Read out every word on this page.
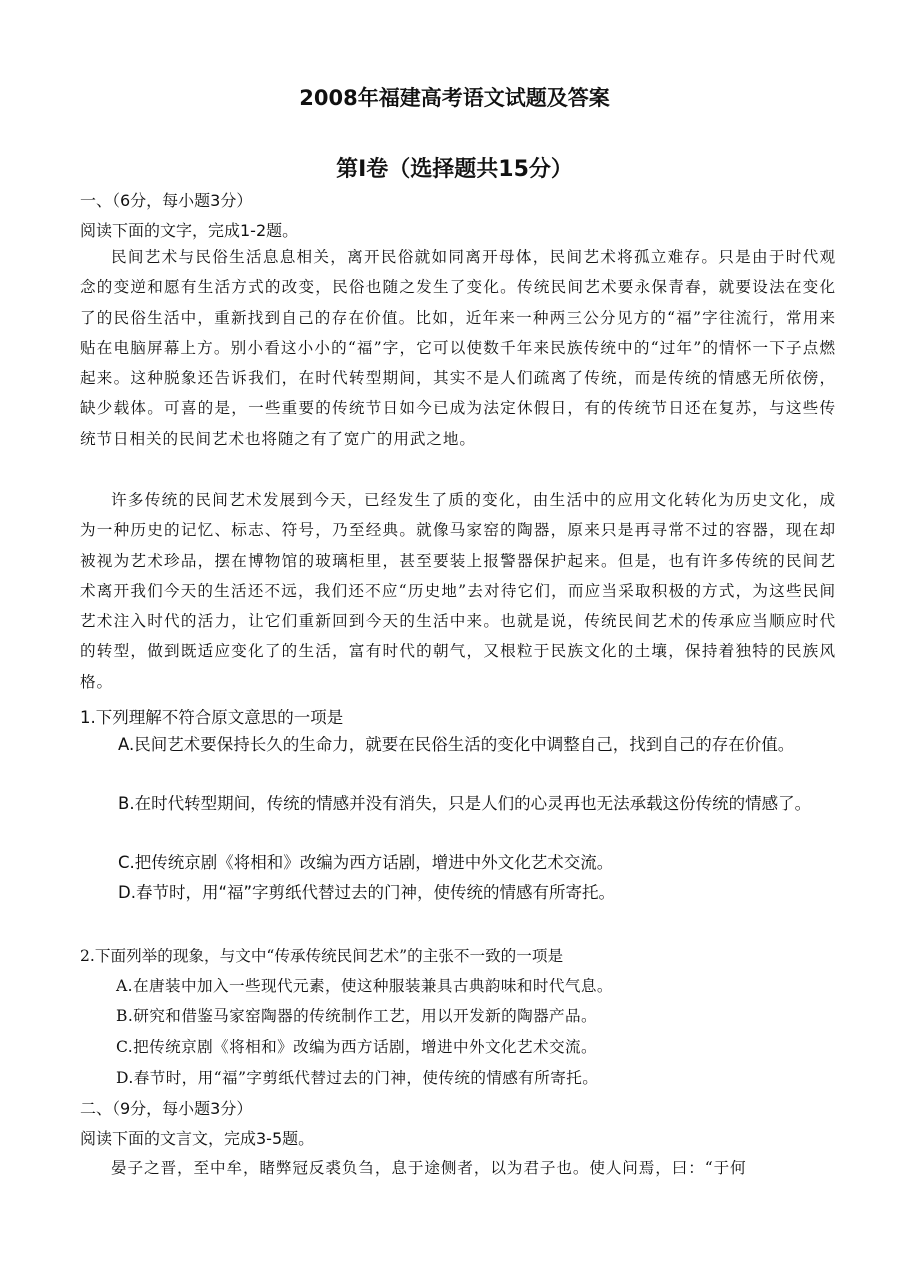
2008年福建高考语文试题及答案
第Ⅰ卷（选择题共15分）
一、（6分，每小题3分）
阅读下面的文字，完成1-2题。

民间艺术与民俗生活息息相关，离开民俗就如同离开母体，民间艺术将孤立难存。只是由于时代观念的变逆和愿有生活方式的改变，民俗也随之发生了变化。传统民间艺术要永保青春，就要设法在变化了的民俗生活中，重新找到自己的存在价值。比如，近年来一种两三公分见方的“福”字往流行，常用来贴在电脑屏幕上方。别小看这小小的“福”字，它可以使数千年来民族传统中的“过年”的情怀一下子点燃起来。这种脱象还告诉我们，在时代转型期间，其实不是人们疏离了传统，而是传统的情感无所依傍，缺少载体。可喜的是，一些重要的传统节日如今已成为法定休假日，有的传统节日还在复苏，与这些传统节日相关的民间艺术也将随之有了宽广的用武之地。

许多传统的民间艺术发展到今天，已经发生了质的变化，由生活中的应用文化转化为历史文化，成为一种历史的记忆、标志、符号，乃至经典。就像马家窑的陶器，原来只是再寻常不过的容器，现在却被视为艺术珍品，摆在博物馆的玻璃柜里，甚至要装上报警器保护起来。但是，也有许多传统的民间艺术离开我们今天的生活还不远，我们还不应“历史地”去对待它们，而应当采取积极的方式，为这些民间艺术注入时代的活力，让它们重新回到今天的生活中来。也就是说，传统民间艺术的传承应当顺应时代的转型，做到既适应变化了的生活，富有时代的朝气，又根粒于民族文化的土壤，保持着独特的民族风格。

1.下列理解不符合原文意思的一项是

A.民间艺术要保持长久的生命力，就要在民俗生活的变化中调整自己，找到自己的存在价值。

B.在时代转型期间，传统的情感并没有消失，只是人们的心灵再也无法承载这份传统的情感了。

C.把传统京剧《将相和》改编为西方话剧，增进中外文化艺术交流。

D.春节时，用“福”字剪纸代替过去的门神，使传统的情感有所寄托。

2.下面列举的现象，与文中“传承传统民间艺术”的主张不一致的一项是
A.在唐装中加入一些现代元素，使这种服装兼具古典韵味和时代气息。
B.研究和借鉴马家窑陶器的传统制作工艺，用以开发新的陶器产品。
C.把传统京剧《将相和》改编为西方话剧，增进中外文化艺术交流。
D.春节时，用“福”字剪纸代替过去的门神，使传统的情感有所寄托。
二、（9分，每小题3分）
阅读下面的文言文，完成3-5题。
晏子之晋，至中牟，睹弊冠反裘负刍，息于途侧者，以为君子也。使人问焉，曰：“于何
